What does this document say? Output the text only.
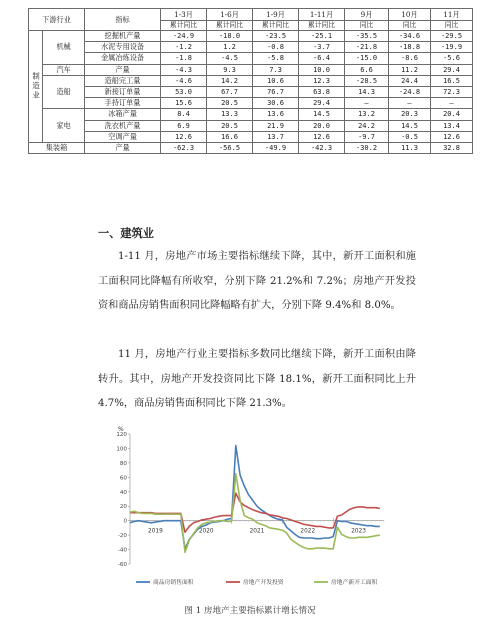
下游行业		指标	1-3月	1-6月	1-9月	1-11月	9月	10月	11月
			累计同比	累计同比	累计同比	累计同比	同比	同比	同比
制造业	机械	挖掘机产量	-24.9	-18.0	-23.5	-25.1	-35.5	-34.6	-29.5
		水泥专用设备	-1.2	1.2	-0.8	-3.7	-21.8	-18.8	-19.9
		金属冶炼设备	-1.8	-4.5	-5.8	-6.4	-15.0	-8.6	-5.6
	汽车	产量	-4.3	9.3	7.3	10.0	6.6	11.2	29.4
	造船	造船完工量	-4.6	14.2	10.6	12.3	-28.5	24.4	16.5
		新接订单量	53.0	67.7	76.7	63.8	14.3	-24.8	72.3
		手持订单量	15.6	20.5	30.6	29.4	—	—	—
	家电	冰箱产量	8.4	13.3	13.6	14.5	13.2	20.3	20.4
		洗衣机产量	6.9	20.5	21.9	20.0	24.2	14.5	13.4
		空调产量	12.6	16.6	13.7	12.6	-9.7	-0.5	12.6
集装箱		产量	-62.3	-56.5	-49.9	-42.3	-30.2	11.3	32.8
一、建筑业

1-11 月，房地产市场主要指标继续下降，其中，新开工面积和施工面积同比降幅有所收窄，分别下降 21.2%和 7.2%；房地产开发投资和商品房销售面积同比降幅略有扩大，分别下降 9.4%和 8.0%。

11 月，房地产行业主要指标多数同比继续下降，新开工面积由降转升。其中，房地产开发投资同比下降 18.1%，新开工面积同比上升 4.7%，商品房销售面积同比下降 21.3%。

%
-60
-40
-20
0
20
40
60
80
100
120
2019	2020	2021	2022	2023
商品房销售面积	房地产开发投资	房地产新开工面积
图 1 房地产主要指标累计增长情况
